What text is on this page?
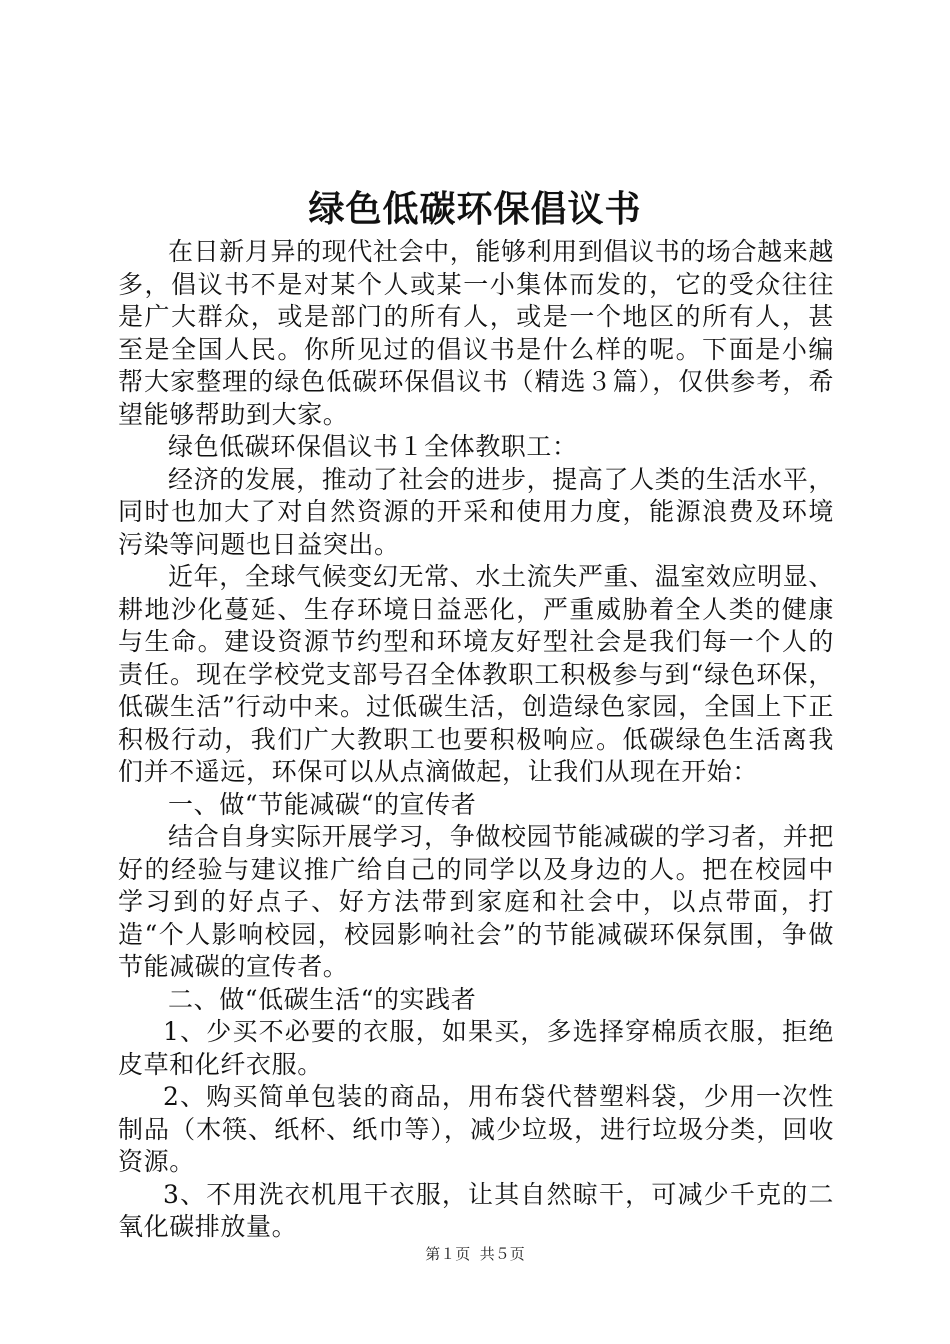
绿色低碳环保倡议书

在日新月异的现代社会中，能够利用到倡议书的场合越来越多，倡议书不是对某个人或某一小集体而发的，它的受众往往是广大群众，或是部门的所有人，或是一个地区的所有人，甚至是全国人民。你所见过的倡议书是什么样的呢。下面是小编帮大家整理的绿色低碳环保倡议书（精选３篇），仅供参考，希望能够帮助到大家。

绿色低碳环保倡议书１全体教职工：

经济的发展，推动了社会的进步，提高了人类的生活水平，同时也加大了对自然资源的开采和使用力度，能源浪费及环境污染等问题也日益突出。

近年，全球气候变幻无常、水土流失严重、温室效应明显、耕地沙化蔓延、生存环境日益恶化，严重威胁着全人类的健康与生命。建设资源节约型和环境友好型社会是我们每一个人的责任。现在学校党支部号召全体教职工积极参与到“绿色环保，低碳生活”行动中来。过低碳生活，创造绿色家园，全国上下正积极行动，我们广大教职工也要积极响应。低碳绿色生活离我们并不遥远，环保可以从点滴做起，让我们从现在开始：

一、做“节能减碳“的宣传者

结合自身实际开展学习，争做校园节能减碳的学习者，并把好的经验与建议推广给自己的同学以及身边的人。把在校园中学习到的好点子、好方法带到家庭和社会中，以点带面，打造“个人影响校园，校园影响社会”的节能减碳环保氛围，争做节能减碳的宣传者。

二、做“低碳生活“的实践者

1、少买不必要的衣服，如果买，多选择穿棉质衣服，拒绝皮草和化纤衣服。

2、购买简单包装的商品，用布袋代替塑料袋，少用一次性制品（木筷、纸杯、纸巾等），减少垃圾，进行垃圾分类，回收资源。

3、不用洗衣机甩干衣服，让其自然晾干，可减少千克的二氧化碳排放量。

第１页 共５页
